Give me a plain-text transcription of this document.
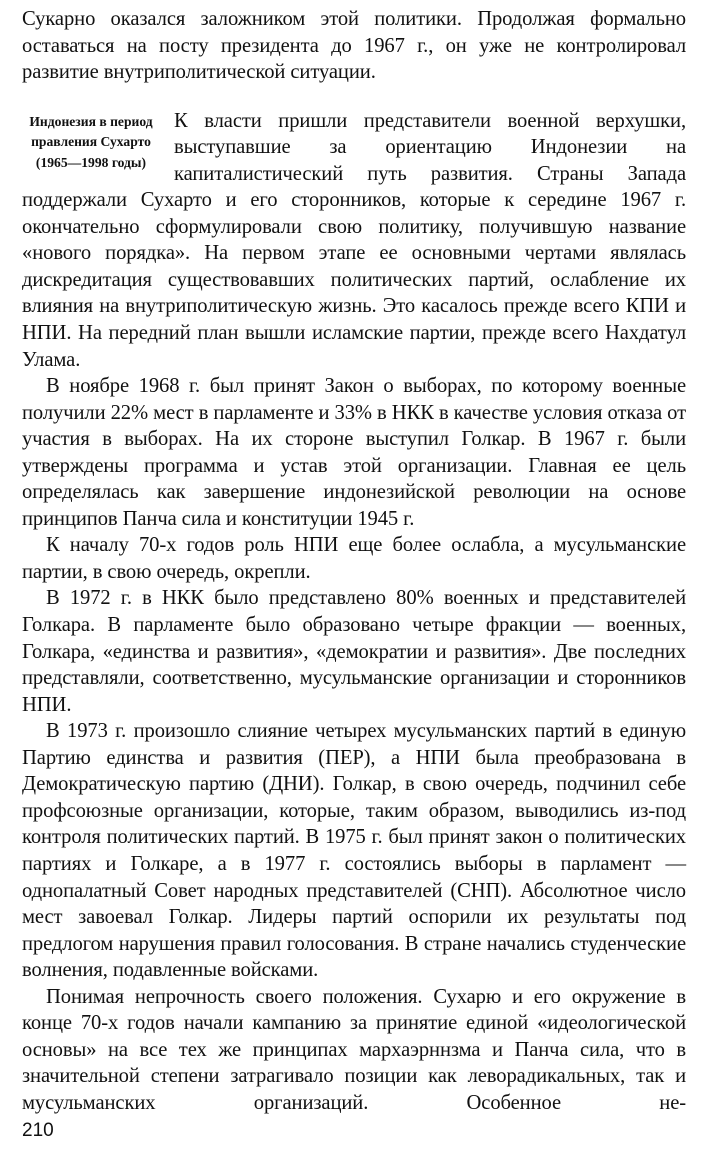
Сукарно оказался заложником этой политики. Продолжая формально оставаться на посту президента до 1967 г., он уже не контролировал развитие внутриполитической ситуации.

Индонезия в период правления Сухарто (1965—1998 годы)

К власти пришли представители военной верхушки, выступавшие за ориентацию Индонезии на капиталистический путь развития. Страны Запада поддержали Сухарто и его сторонников, которые к середине 1967 г. окончательно сформулировали свою политику, получившую название «нового порядка». На первом этапе ее основными чертами являлась дискредитация существовавших политических партий, ослабление их влияния на внутриполитическую жизнь. Это касалось прежде всего КПИ и НПИ. На передний план вышли исламские партии, прежде всего Нахдатул Улама.

В ноябре 1968 г. был принят Закон о выборах, по которому военные получили 22% мест в парламенте и 33% в НКК в качестве условия отказа от участия в выборах. На их стороне выступил Голкар. В 1967 г. были утверждены программа и устав этой организации. Главная ее цель определялась как завершение индонезийской революции на основе принципов Панча сила и конституции 1945 г.

К началу 70-х годов роль НПИ еще более ослабла, а мусульманские партии, в свою очередь, окрепли.

В 1972 г. в НКК было представлено 80% военных и представителей Голкара. В парламенте было образовано четыре фракции — военных, Голкара, «единства и развития», «демократии и развития». Две последних представляли, соответственно, мусульманские организации и сторонников НПИ.

В 1973 г. произошло слияние четырех мусульманских партий в единую Партию единства и развития (ПЕР), а НПИ была преобразована в Демократическую партию (ДНИ). Голкар, в свою очередь, подчинил себе профсоюзные организации, которые, таким образом, выводились из-под контроля политических партий. В 1975 г. был принят закон о политических партиях и Голкаре, а в 1977 г. состоялись выборы в парламент — однопалатный Совет народных представителей (СНП). Абсолютное число мест завоевал Голкар. Лидеры партий оспорили их результаты под предлогом нарушения правил голосования. В стране начались студенческие волнения, подавленные войсками.

Понимая непрочность своего положения. Сухарю и его окружение в конце 70-х годов начали кампанию за принятие единой «идеологической основы» на все тех же принципах мархаэрннзма и Панча сила, что в значительной степени затрагивало позиции как леворадикальных, так и мусульманских организаций. Особенное не-

210
